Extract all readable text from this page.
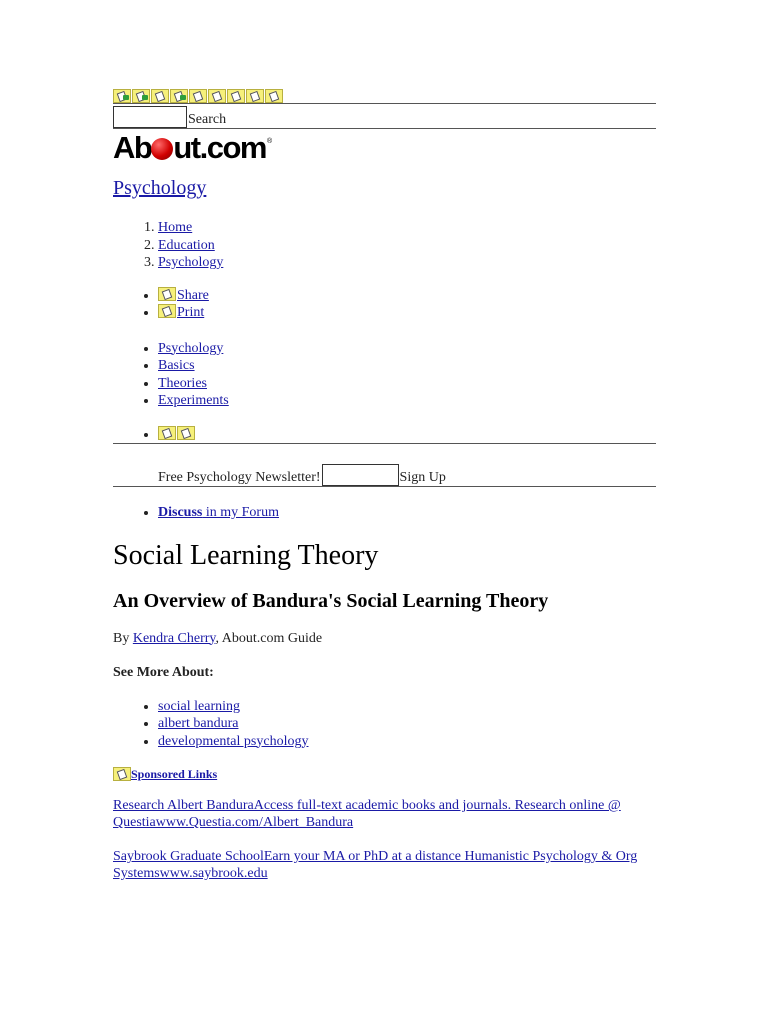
Search
Ab ut.com ®
Psychology
1. Home
2. Education
3. Psychology
• Share
• Print
• Psychology
• Basics
• Theories
• Experiments
•
Free Psychology Newsletter!	Sign Up
• Discuss in my Forum
Social Learning Theory
An Overview of Bandura's Social Learning Theory
By Kendra Cherry, About.com Guide
See More About:
• social learning
• albert bandura
• developmental psychology
Sponsored Links
Research Albert BanduraAccess full-text academic books and journals. Research online @ Questiawww.Questia.com/Albert_Bandura
Saybrook Graduate SchoolEarn your MA or PhD at a distance Humanistic Psychology & Org Systemswww.saybrook.edu
